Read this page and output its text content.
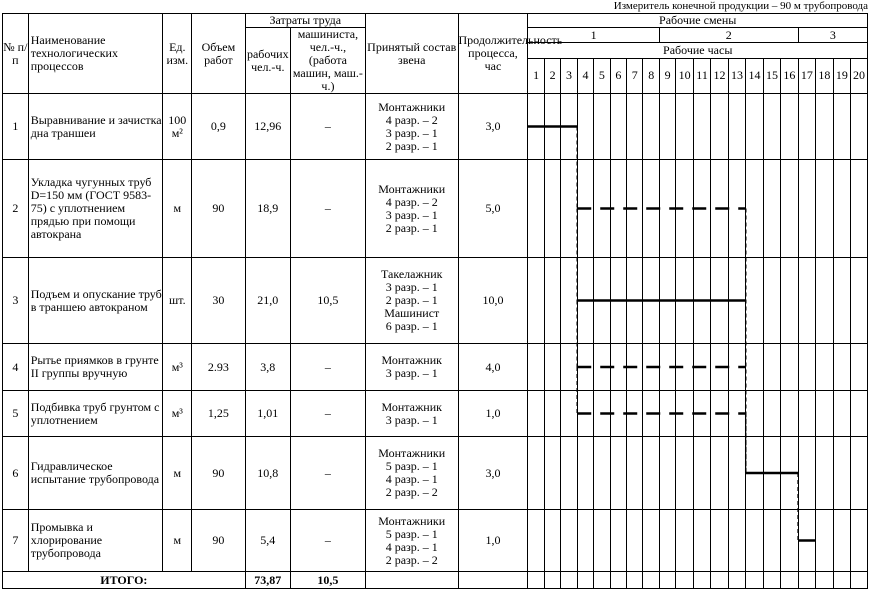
Измеритель конечной продукции – 90 м трубопровода
№ п/п	Наименование технологических процессов	Ед. изм.	Объем работ	Затраты труда		Принятый состав звена	Продолжительность процесса, час	Рабочие смены																			
				рабочих чел.-ч.	машиниста, чел.-ч., (работа машин, маш.-ч.)			1								2								3			
								Рабочие часы																			
								1	2	3	4	5	6	7	8	9	10	11	12	13	14	15	16	17	18	19	20
1	Выравнивание и зачистка дна траншеи	100 м²	0,9	12,96	–	Монтажники
4 разр. – 2
3 разр. – 1
2 разр. – 1	3,0																				
2	Укладка чугунных труб D=150 мм (ГОСТ 9583-75) с уплотнением прядью при помощи автокрана	м	90	18,9	–	Монтажники
4 разр. – 2
3 разр. – 1
2 разр. – 1	5,0																				
3	Подъем и опускание труб в траншею автокраном	шт.	30	21,0	10,5	Такелажник
3 разр. – 1
2 разр. – 1
Машинист
6 разр. – 1	10,0																				
4	Рытье приямков в грунте II группы вручную	м³	2.93	3,8	–	Монтажник
3 разр. – 1	4,0																				
5	Подбивка труб грунтом с уплотнением	м³	1,25	1,01	–	Монтажник
3 разр. – 1	1,0																				
6	Гидравлическое испытание трубопровода	м	90	10,8	–	Монтажники
5 разр. – 1
4 разр. – 1
2 разр. – 2	3,0																				
7	Промывка и хлорирование трубопровода	м	90	5,4	–	Монтажники
5 разр. – 1
4 разр. – 1
2 разр. – 2	1,0																				
ИТОГО:				73,87	10,5																						
